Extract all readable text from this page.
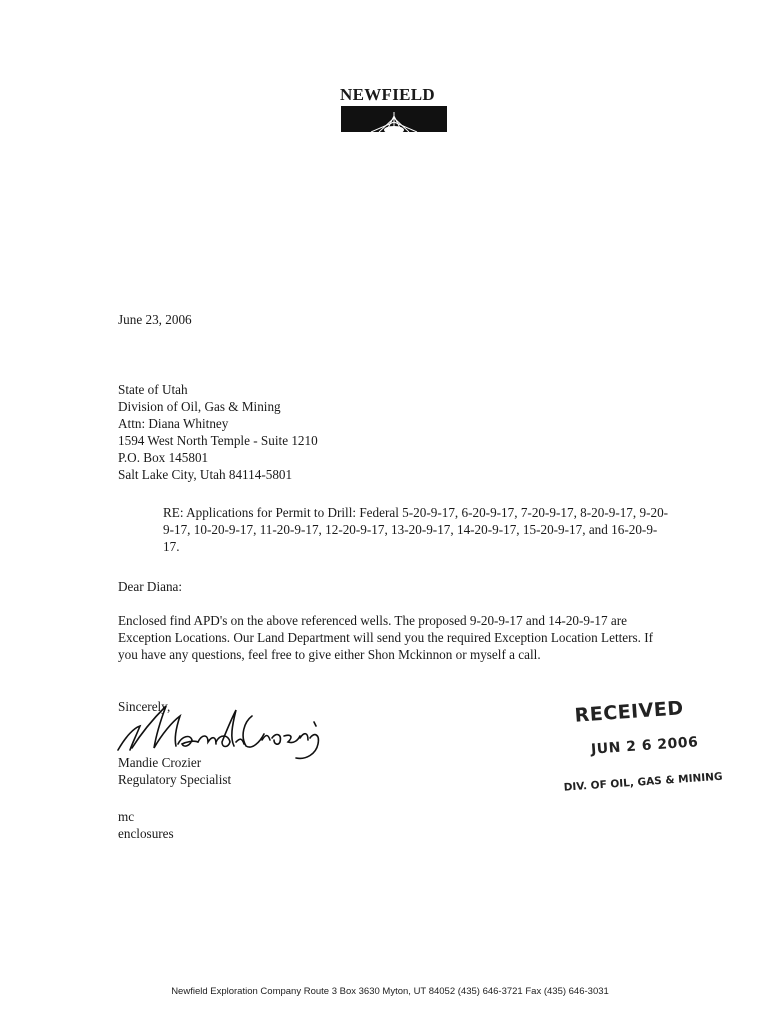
NEWFIELD
June 23, 2006
State of Utah
Division of Oil, Gas & Mining
Attn: Diana Whitney
1594 West North Temple - Suite 1210
P.O. Box 145801
Salt Lake City, Utah 84114-5801
RE: Applications for Permit to Drill: Federal 5-20-9-17, 6-20-9-17, 7-20-9-17, 8-20-9-17, 9-20-9-17, 10-20-9-17, 11-20-9-17, 12-20-9-17, 13-20-9-17, 14-20-9-17, 15-20-9-17, and 16-20-9-17.
Dear Diana:
Enclosed find APD's on the above referenced wells. The proposed 9-20-9-17 and 14-20-9-17 are Exception Locations. Our Land Department will send you the required Exception Location Letters. If you have any questions, feel free to give either Shon Mckinnon or myself a call.
Sincerely,
Mandie Crozier
Regulatory Specialist
mc
enclosures
RECEIVED
JUN 2 6 2006
DIV. OF OIL, GAS & MINING
Newfield Exploration Company Route 3 Box 3630 Myton, UT 84052 (435) 646-3721 Fax (435) 646-3031
